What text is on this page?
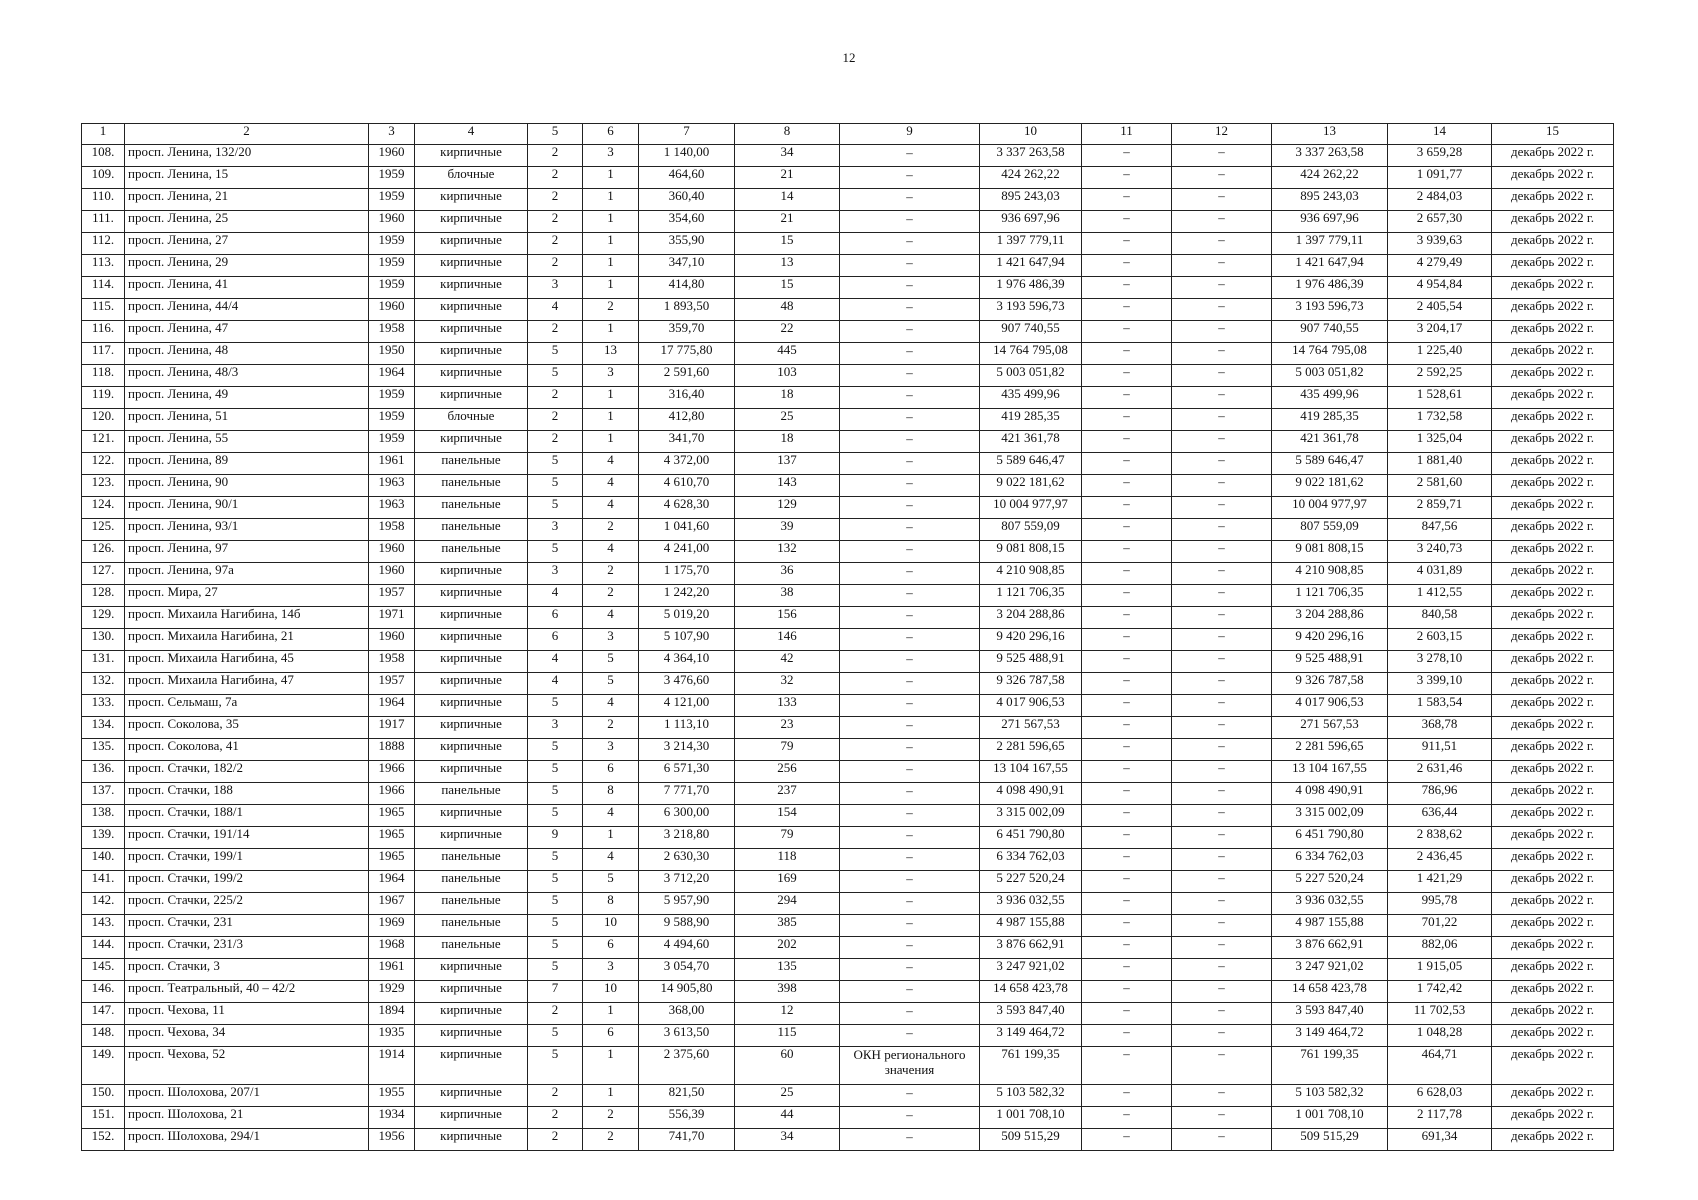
12
1	2	3	4	5	6	7	8	9	10	11	12	13	14	15
108.	просп. Ленина, 132/20	1960	кирпичные	2	3	1 140,00	34	–	3 337 263,58	–	–	3 337 263,58	3 659,28	декабрь 2022 г.
109.	просп. Ленина, 15	1959	блочные	2	1	464,60	21	–	424 262,22	–	–	424 262,22	1 091,77	декабрь 2022 г.
110.	просп. Ленина, 21	1959	кирпичные	2	1	360,40	14	–	895 243,03	–	–	895 243,03	2 484,03	декабрь 2022 г.
111.	просп. Ленина, 25	1960	кирпичные	2	1	354,60	21	–	936 697,96	–	–	936 697,96	2 657,30	декабрь 2022 г.
112.	просп. Ленина, 27	1959	кирпичные	2	1	355,90	15	–	1 397 779,11	–	–	1 397 779,11	3 939,63	декабрь 2022 г.
113.	просп. Ленина, 29	1959	кирпичные	2	1	347,10	13	–	1 421 647,94	–	–	1 421 647,94	4 279,49	декабрь 2022 г.
114.	просп. Ленина, 41	1959	кирпичные	3	1	414,80	15	–	1 976 486,39	–	–	1 976 486,39	4 954,84	декабрь 2022 г.
115.	просп. Ленина, 44/4	1960	кирпичные	4	2	1 893,50	48	–	3 193 596,73	–	–	3 193 596,73	2 405,54	декабрь 2022 г.
116.	просп. Ленина, 47	1958	кирпичные	2	1	359,70	22	–	907 740,55	–	–	907 740,55	3 204,17	декабрь 2022 г.
117.	просп. Ленина, 48	1950	кирпичные	5	13	17 775,80	445	–	14 764 795,08	–	–	14 764 795,08	1 225,40	декабрь 2022 г.
118.	просп. Ленина, 48/3	1964	кирпичные	5	3	2 591,60	103	–	5 003 051,82	–	–	5 003 051,82	2 592,25	декабрь 2022 г.
119.	просп. Ленина, 49	1959	кирпичные	2	1	316,40	18	–	435 499,96	–	–	435 499,96	1 528,61	декабрь 2022 г.
120.	просп. Ленина, 51	1959	блочные	2	1	412,80	25	–	419 285,35	–	–	419 285,35	1 732,58	декабрь 2022 г.
121.	просп. Ленина, 55	1959	кирпичные	2	1	341,70	18	–	421 361,78	–	–	421 361,78	1 325,04	декабрь 2022 г.
122.	просп. Ленина, 89	1961	панельные	5	4	4 372,00	137	–	5 589 646,47	–	–	5 589 646,47	1 881,40	декабрь 2022 г.
123.	просп. Ленина, 90	1963	панельные	5	4	4 610,70	143	–	9 022 181,62	–	–	9 022 181,62	2 581,60	декабрь 2022 г.
124.	просп. Ленина, 90/1	1963	панельные	5	4	4 628,30	129	–	10 004 977,97	–	–	10 004 977,97	2 859,71	декабрь 2022 г.
125.	просп. Ленина, 93/1	1958	панельные	3	2	1 041,60	39	–	807 559,09	–	–	807 559,09	847,56	декабрь 2022 г.
126.	просп. Ленина, 97	1960	панельные	5	4	4 241,00	132	–	9 081 808,15	–	–	9 081 808,15	3 240,73	декабрь 2022 г.
127.	просп. Ленина, 97а	1960	кирпичные	3	2	1 175,70	36	–	4 210 908,85	–	–	4 210 908,85	4 031,89	декабрь 2022 г.
128.	просп. Мира, 27	1957	кирпичные	4	2	1 242,20	38	–	1 121 706,35	–	–	1 121 706,35	1 412,55	декабрь 2022 г.
129.	просп. Михаила Нагибина, 14б	1971	кирпичные	6	4	5 019,20	156	–	3 204 288,86	–	–	3 204 288,86	840,58	декабрь 2022 г.
130.	просп. Михаила Нагибина, 21	1960	кирпичные	6	3	5 107,90	146	–	9 420 296,16	–	–	9 420 296,16	2 603,15	декабрь 2022 г.
131.	просп. Михаила Нагибина, 45	1958	кирпичные	4	5	4 364,10	42	–	9 525 488,91	–	–	9 525 488,91	3 278,10	декабрь 2022 г.
132.	просп. Михаила Нагибина, 47	1957	кирпичные	4	5	3 476,60	32	–	9 326 787,58	–	–	9 326 787,58	3 399,10	декабрь 2022 г.
133.	просп. Сельмаш, 7а	1964	кирпичные	5	4	4 121,00	133	–	4 017 906,53	–	–	4 017 906,53	1 583,54	декабрь 2022 г.
134.	просп. Соколова, 35	1917	кирпичные	3	2	1 113,10	23	–	271 567,53	–	–	271 567,53	368,78	декабрь 2022 г.
135.	просп. Соколова, 41	1888	кирпичные	5	3	3 214,30	79	–	2 281 596,65	–	–	2 281 596,65	911,51	декабрь 2022 г.
136.	просп. Стачки, 182/2	1966	кирпичные	5	6	6 571,30	256	–	13 104 167,55	–	–	13 104 167,55	2 631,46	декабрь 2022 г.
137.	просп. Стачки, 188	1966	панельные	5	8	7 771,70	237	–	4 098 490,91	–	–	4 098 490,91	786,96	декабрь 2022 г.
138.	просп. Стачки, 188/1	1965	кирпичные	5	4	6 300,00	154	–	3 315 002,09	–	–	3 315 002,09	636,44	декабрь 2022 г.
139.	просп. Стачки, 191/14	1965	кирпичные	9	1	3 218,80	79	–	6 451 790,80	–	–	6 451 790,80	2 838,62	декабрь 2022 г.
140.	просп. Стачки, 199/1	1965	панельные	5	4	2 630,30	118	–	6 334 762,03	–	–	6 334 762,03	2 436,45	декабрь 2022 г.
141.	просп. Стачки, 199/2	1964	панельные	5	5	3 712,20	169	–	5 227 520,24	–	–	5 227 520,24	1 421,29	декабрь 2022 г.
142.	просп. Стачки, 225/2	1967	панельные	5	8	5 957,90	294	–	3 936 032,55	–	–	3 936 032,55	995,78	декабрь 2022 г.
143.	просп. Стачки, 231	1969	панельные	5	10	9 588,90	385	–	4 987 155,88	–	–	4 987 155,88	701,22	декабрь 2022 г.
144.	просп. Стачки, 231/3	1968	панельные	5	6	4 494,60	202	–	3 876 662,91	–	–	3 876 662,91	882,06	декабрь 2022 г.
145.	просп. Стачки, 3	1961	кирпичные	5	3	3 054,70	135	–	3 247 921,02	–	–	3 247 921,02	1 915,05	декабрь 2022 г.
146.	просп. Театральный, 40 – 42/2	1929	кирпичные	7	10	14 905,80	398	–	14 658 423,78	–	–	14 658 423,78	1 742,42	декабрь 2022 г.
147.	просп. Чехова, 11	1894	кирпичные	2	1	368,00	12	–	3 593 847,40	–	–	3 593 847,40	11 702,53	декабрь 2022 г.
148.	просп. Чехова, 34	1935	кирпичные	5	6	3 613,50	115	–	3 149 464,72	–	–	3 149 464,72	1 048,28	декабрь 2022 г.
149.	просп. Чехова, 52	1914	кирпичные	5	1	2 375,60	60	ОКН регионального значения	761 199,35	–	–	761 199,35	464,71	декабрь 2022 г.
150.	просп. Шолохова, 207/1	1955	кирпичные	2	1	821,50	25	–	5 103 582,32	–	–	5 103 582,32	6 628,03	декабрь 2022 г.
151.	просп. Шолохова, 21	1934	кирпичные	2	2	556,39	44	–	1 001 708,10	–	–	1 001 708,10	2 117,78	декабрь 2022 г.
152.	просп. Шолохова, 294/1	1956	кирпичные	2	2	741,70	34	–	509 515,29	–	–	509 515,29	691,34	декабрь 2022 г.
